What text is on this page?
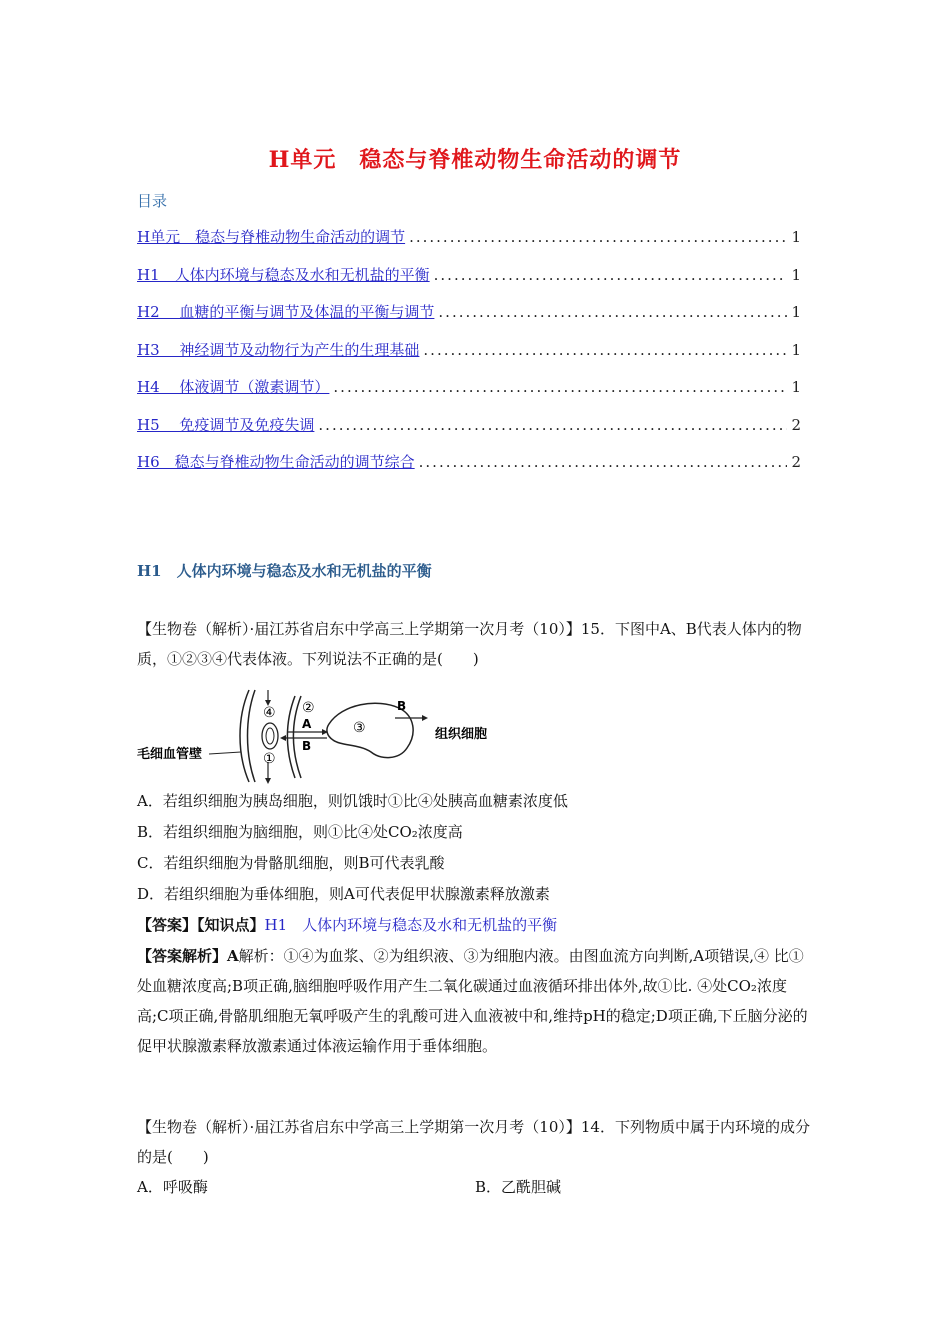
H单元　稳态与脊椎动物生命活动的调节
目录
H单元　稳态与脊椎动物生命活动的调节 .....	1
H1　人体内环境与稳态及水和无机盐的平衡 .....	1
H2　 血糖的平衡与调节及体温的平衡与调节 .....	1
H3　 神经调节及动物行为产生的生理基础 .....	1
H4　 体液调节（激素调节） .....	1
H5　 免疫调节及免疫失调 .....	2
H6　稳态与脊椎动物生命活动的调节综合 .....	2
H1　人体内环境与稳态及水和无机盐的平衡

【生物卷（解析）·届江苏省启东中学高三上学期第一次月考（10）】15．下图中A、B代表人体内的物质，①②③④代表体液。下列说法不正确的是(　　)

④
①
②
A
B
③
B
组织细胞
毛细血管壁

A．若组织细胞为胰岛细胞，则饥饿时①比④处胰高血糖素浓度低

B．若组织细胞为脑细胞，则①比④处CO₂浓度高

C．若组织细胞为骨骼肌细胞，则B可代表乳酸

D．若组织细胞为垂体细胞，则A可代表促甲状腺激素释放激素

【答案】【知识点】H1　人体内环境与稳态及水和无机盐的平衡

【答案解析】A解析：①④为血浆、②为组织液、③为细胞内液。由图血流方向判断,A项错误,④ 比①处血糖浓度高;B项正确,脑细胞呼吸作用产生二氧化碳通过血液循环排出体外,故①比. ④处CO₂浓度高;C项正确,骨骼肌细胞无氧呼吸产生的乳酸可进入血液被中和,维持pH的稳定;D项正确,下丘脑分泌的促甲状腺激素释放激素通过体液运输作用于垂体细胞。

【生物卷（解析）·届江苏省启东中学高三上学期第一次月考（10）】14．下列物质中属于内环境的成分的是(　　)

A．呼吸酶	B．乙酰胆碱
